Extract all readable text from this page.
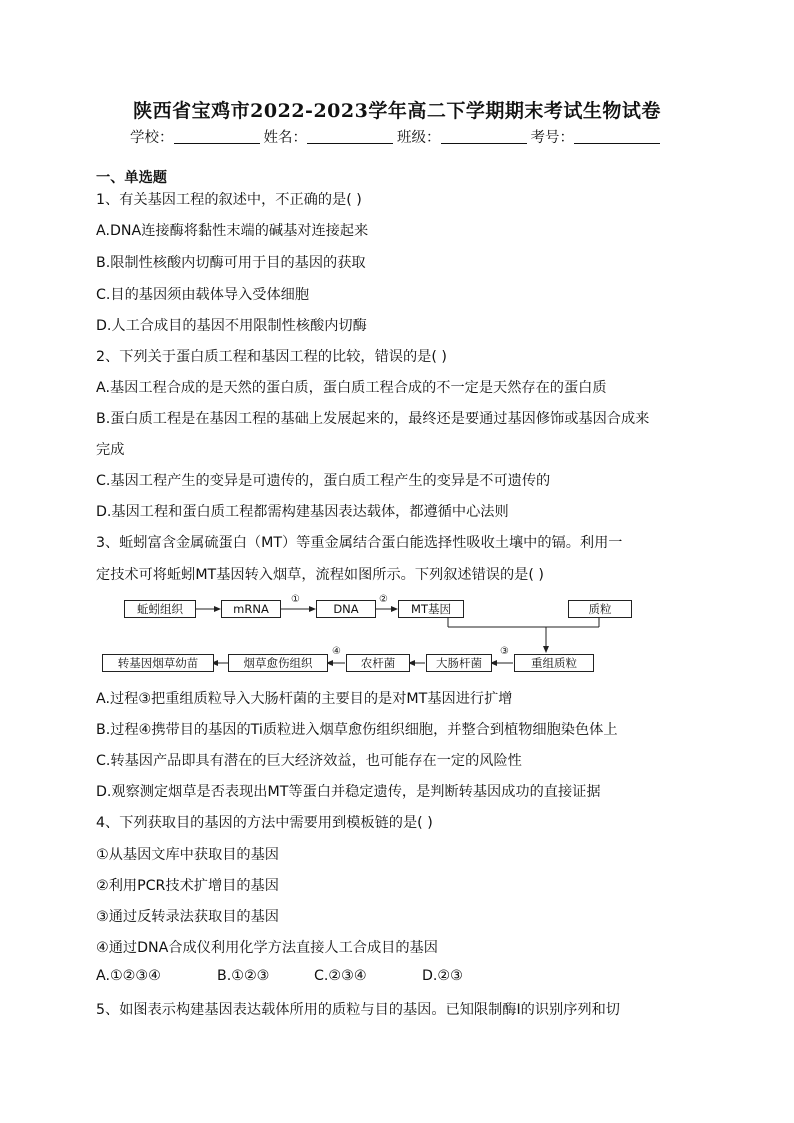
陕西省宝鸡市2022-2023学年高二下学期期末考试生物试卷
学校：	姓名：	班级：	考号：
一、单选题
1、有关基因工程的叙述中，不正确的是( )
A.DNA连接酶将黏性末端的碱基对连接起来
B.限制性核酸内切酶可用于目的基因的获取
C.目的基因须由载体导入受体细胞
D.人工合成目的基因不用限制性核酸内切酶
2、下列关于蛋白质工程和基因工程的比较，错误的是( )
A.基因工程合成的是天然的蛋白质，蛋白质工程合成的不一定是天然存在的蛋白质
B.蛋白质工程是在基因工程的基础上发展起来的，最终还是要通过基因修饰或基因合成来
完成
C.基因工程产生的变异是可遗传的，蛋白质工程产生的变异是不可遗传的
D.基因工程和蛋白质工程都需构建基因表达载体，都遵循中心法则
3、蚯蚓富含金属硫蛋白（MT）等重金属结合蛋白能选择性吸收土壤中的镉。利用一
定技术可将蚯蚓MT基因转入烟草，流程如图所示。下列叙述错误的是( )
蚯蚓组织	mRNA	DNA	MT基因	质粒
转基因烟草幼苗	烟草愈伤组织	农杆菌	大肠杆菌	重组质粒
①	②
③
④
A.过程③把重组质粒导入大肠杆菌的主要目的是对MT基因进行扩增
B.过程④携带目的基因的Ti质粒进入烟草愈伤组织细胞，并整合到植物细胞染色体上
C.转基因产品即具有潜在的巨大经济效益，也可能存在一定的风险性
D.观察测定烟草是否表现出MT等蛋白并稳定遗传，是判断转基因成功的直接证据
4、下列获取目的基因的方法中需要用到模板链的是( )
①从基因文库中获取目的基因
②利用PCR技术扩增目的基因
③通过反转录法获取目的基因
④通过DNA合成仪利用化学方法直接人工合成目的基因
A.①②③④	B.①②③	C.②③④	D.②③
5、如图表示构建基因表达载体所用的质粒与目的基因。已知限制酶Ⅰ的识别序列和切
